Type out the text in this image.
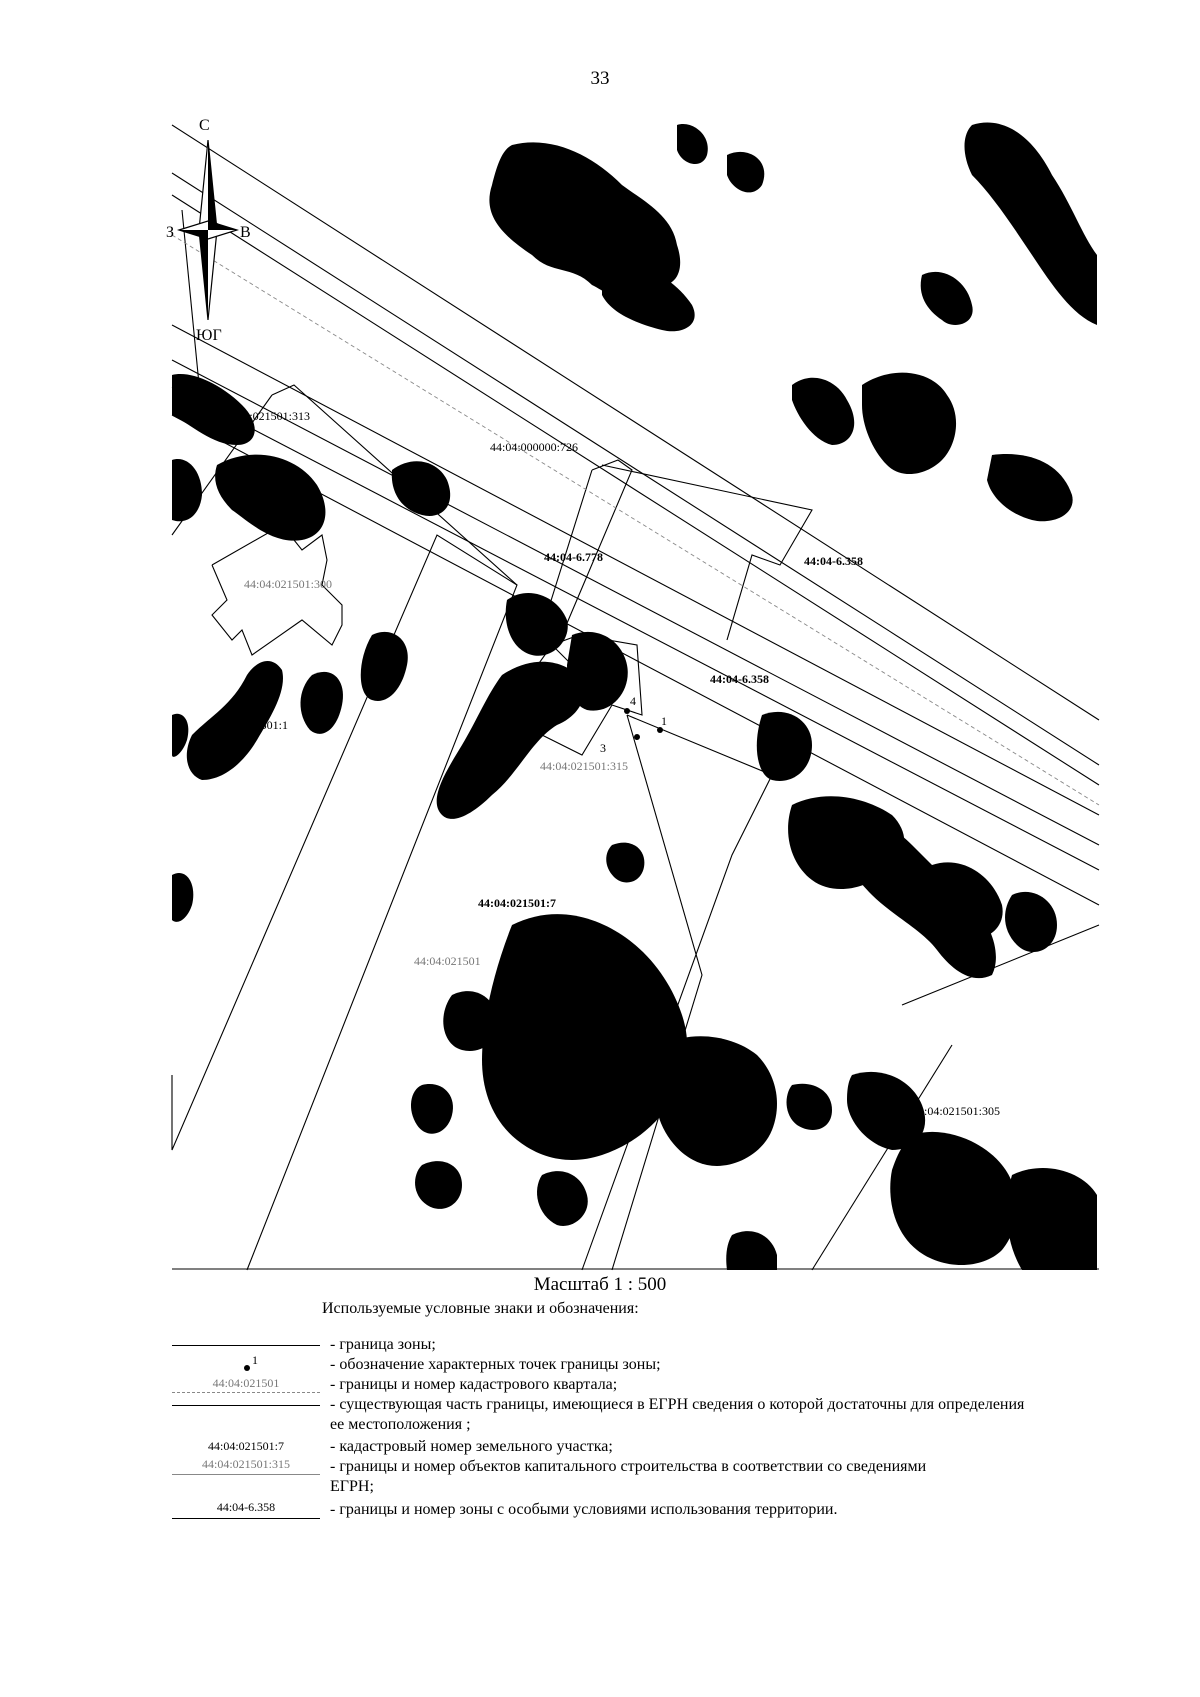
33
С
З	В
ЮГ
1
3
4
44:04:021501:313
44:04:000000:726
44:04:021501:300
44:04:021501:1
44:04:021501:315
44:04:021501:7
44:04:021501:305
44:04:021501
44:04-6.778
44:04-6.358
44:04-6.358
Масштаб 1 : 500
Используемые условные знаки и обозначения:
- граница зоны;
1	- обозначение характерных точек границы зоны;
44:04:021501	- границы и номер кадастрового квартала;
- существующая часть границы, имеющиеся в ЕГРН сведения о которой достаточны для определения ее местоположения ;
44:04:021501:7	- кадастровый номер земельного участка;
44:04:021501:315	- границы и номер объектов капитального строительства в соответствии со сведениями ЕГРН;
44:04-6.358	- границы и номер зоны с особыми условиями использования территории.
